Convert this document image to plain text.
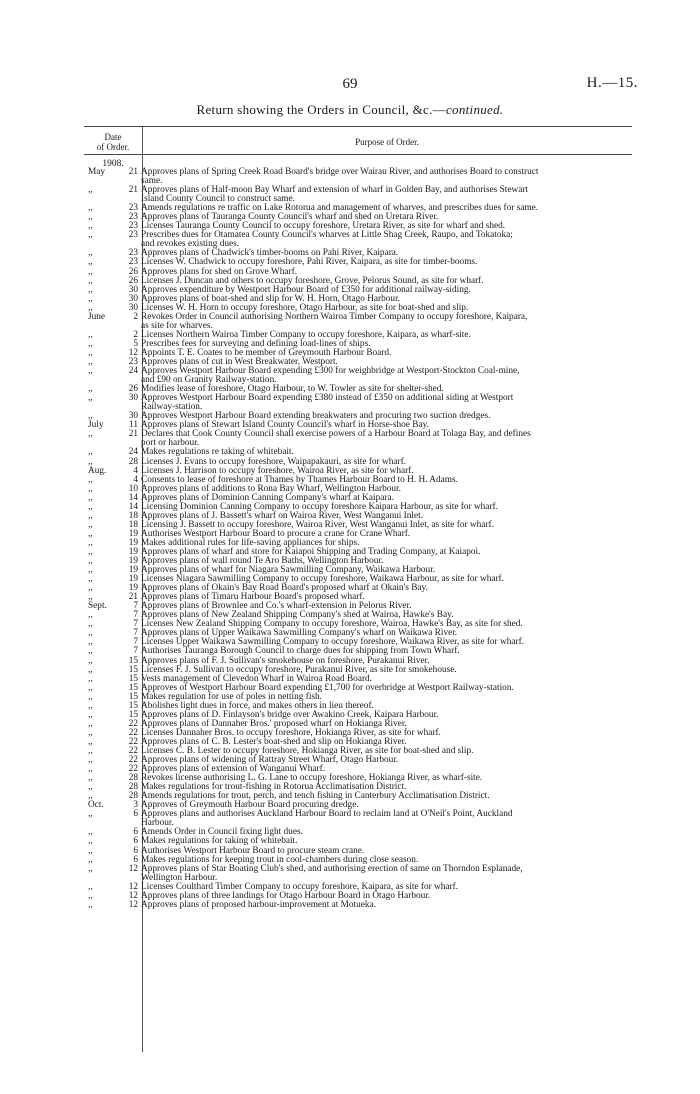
69	H.—15.
Return showing the Orders in Council, &c.—continued.
Date
of Order.	Purpose of Order.
1908.
May	21 Approves plans of Spring Creek Road Board's bridge over Wairau River, and authorises Board to construct
same.
,,	21 Approves plans of Half-moon Bay Wharf and extension of wharf in Golden Bay, and authorises Stewart
Island County Council to construct same.
,,	23 Amends regulations re traffic on Lake Rotorua and management of wharves, and prescribes dues for same.
,,	23 Approves plans of Tauranga County Council's wharf and shed on Uretara River.
,,	23 Licenses Tauranga County Council to occupy foreshore, Uretara River, as site for wharf and shed.
,,	23 Prescribes dues for Otamatea County Council's wharves at Little Shag Creek, Raupo, and Tokatoka;
and revokes existing dues.
,,	23 Approves plans of Chadwick's timber-booms on Pahi River, Kaipara.
,,	23 Licenses W. Chadwick to occupy foreshore, Pahi River, Kaipara, as site for timber-booms.
,,	26 Approves plans for shed on Grove Wharf.
,,	26 Licenses J. Duncan and others to occupy foreshore, Grove, Pelorus Sound, as site for wharf.
,,	30 Approves expenditure by Westport Harbour Board of £350 for additional railway-siding.
,,	30 Approves plans of boat-shed and slip for W. H. Horn, Otago Harbour.
,,	30 Licenses W. H. Horn to occupy foreshore, Otago Harbour, as site for boat-shed and slip.
June	2 Revokes Order in Council authorising Northern Wairoa Timber Company to occupy foreshore, Kaipara,
as site for wharves.
,,	2 Licenses Northern Wairoa Timber Company to occupy foreshore, Kaipara, as wharf-site.
,,	5 Prescribes fees for surveying and defining load-lines of ships.
,,	12 Appoints T. E. Coates to be member of Greymouth Harbour Board.
,,	23 Approves plans of cut in West Breakwater, Westport.
,,	24 Approves Westport Harbour Board expending £300 for weighbridge at Westport-Stockton Coal-mine,
and £90 on Granity Railway-station.
,,	26 Modifies lease of foreshore, Otago Harbour, to W. Towler as site for shelter-shed.
,,	30 Approves Westport Harbour Board expending £380 instead of £350 on additional siding at Westport
Railway-station.
,,	30 Approves Westport Harbour Board extending breakwaters and procuring two suction dredges.
July	11 Approves plans of Stewart Island County Council's wharf in Horse-shoe Bay.
,,	21 Declares that Cook County Council shall exercise powers of a Harbour Board at Tolaga Bay, and defines
port or harbour.
,,	24 Makes regulations re taking of whitebait.
,,	28 Licenses J. Evans to occupy foreshore, Waipapakauri, as site for wharf.
Aug.	4 Licenses J. Harrison to occupy foreshore, Wairoa River, as site for wharf.
,,	4 Consents to lease of foreshore at Thames by Thames Harbour Board to H. H. Adams.
,,	10 Approves plans of additions to Rona Bay Wharf, Wellington Harbour.
,,	14 Approves plans of Dominion Canning Company's wharf at Kaipara.
,,	14 Licensing Dominion Canning Company to occupy foreshore Kaipara Harbour, as site for wharf.
,,	18 Approves plans of J. Bassett's wharf on Wairoa River, West Wanganui Inlet.
,,	18 Licensing J. Bassett to occupy foreshore, Wairoa River, West Wanganui Inlet, as site for wharf.
,,	19 Authorises Westport Harbour Board to procure a crane for Crane Wharf.
,,	19 Makes additional rules for life-saving appliances for ships.
,,	19 Approves plans of wharf and store for Kaiapoi Shipping and Trading Company, at Kaiapoi.
,,	19 Approves plans of wall round Te Aro Baths, Wellington Harbour.
,,	19 Approves plans of wharf for Niagara Sawmilling Company, Waikawa Harbour.
,,	19 Licenses Niagara Sawmilling Company to occupy foreshore, Waikawa Harbour, as site for wharf.
,,	19 Approves plans of Okain's Bay Road Board's proposed wharf at Okain's Bay.
,,	21 Approves plans of Timaru Harbour Board's proposed wharf.
Sept.	7 Approves plans of Brownlee and Co.'s wharf-extension in Pelorus River.
,,	7 Approves plans of New Zealand Shipping Company's shed at Wairoa, Hawke's Bay.
,,	7 Licenses New Zealand Shipping Company to occupy foreshore, Wairoa, Hawke's Bay, as site for shed.
,,	7 Approves plans of Upper Waikawa Sawmilling Company's wharf on Waikawa River.
,,	7 Licenses Upper Waikawa Sawmilling Company to occupy foreshore, Waikawa River, as site for wharf.
,,	7 Authorises Tauranga Borough Council to charge dues for shipping from Town Wharf.
,,	15 Approves plans of F. J. Sullivan's smokehouse on foreshore, Purakanui River.
,,	15 Licenses F. J. Sullivan to occupy foreshore, Purakanui River, as site for smokehouse.
,,	15 Vests management of Clevedon Wharf in Wairoa Road Board.
,,	15 Approves of Westport Harbour Board expending £1,700 for overbridge at Westport Railway-station.
,,	15 Makes regulation for use of poles in netting fish.
,,	15 Abolishes light dues in force, and makes others in lieu thereof.
,,	15 Approves plans of D. Finlayson's bridge over Awakino Creek, Kaipara Harbour.
,,	22 Approves plans of Dannaher Bros.' proposed wharf on Hokianga River.
,,	22 Licenses Dannaher Bros. to occupy foreshore, Hokianga River, as site for wharf.
,,	22 Approves plans of C. B. Lester's boat-shed and slip on Hokianga River.
,,	22 Licenses C. B. Lester to occupy foreshore, Hokianga River, as site for boat-shed and slip.
,,	22 Approves plans of widening of Rattray Street Wharf, Otago Harbour.
,,	22 Approves plans of extension of Wanganui Wharf.
,,	28 Revokes license authorising L. G. Lane to occupy foreshore, Hokianga River, as wharf-site.
,,	28 Makes regulations for trout-fishing in Rotorua Acclimatisation District.
,,	28 Amends regulations for trout, perch, and tench fishing in Canterbury Acclimatisation District.
Oct.	3 Approves of Greymouth Harbour Board procuring dredge.
,,	6 Approves plans and authorises Auckland Harbour Board to reclaim land at O'Neil's Point, Auckland
Harbour.
,,	6 Amends Order in Council fixing light dues.
,,	6 Makes regulations for taking of whitebait.
,,	6 Authorises Westport Harbour Board to procure steam crane.
,,	6 Makes regulations for keeping trout in cool-chambers during close season.
,,	12 Approves plans of Star Boating Club's shed, and authorising erection of same on Thorndon Esplanade,
Wellington Harbour.
,,	12 Licenses Coulthard Timber Company to occupy foreshore, Kaipara, as site for wharf.
,,	12 Approves plans of three landings for Otago Harbour Board in Otago Harbour.
,,	12 Approves plans of proposed harbour-improvement at Motueka.
